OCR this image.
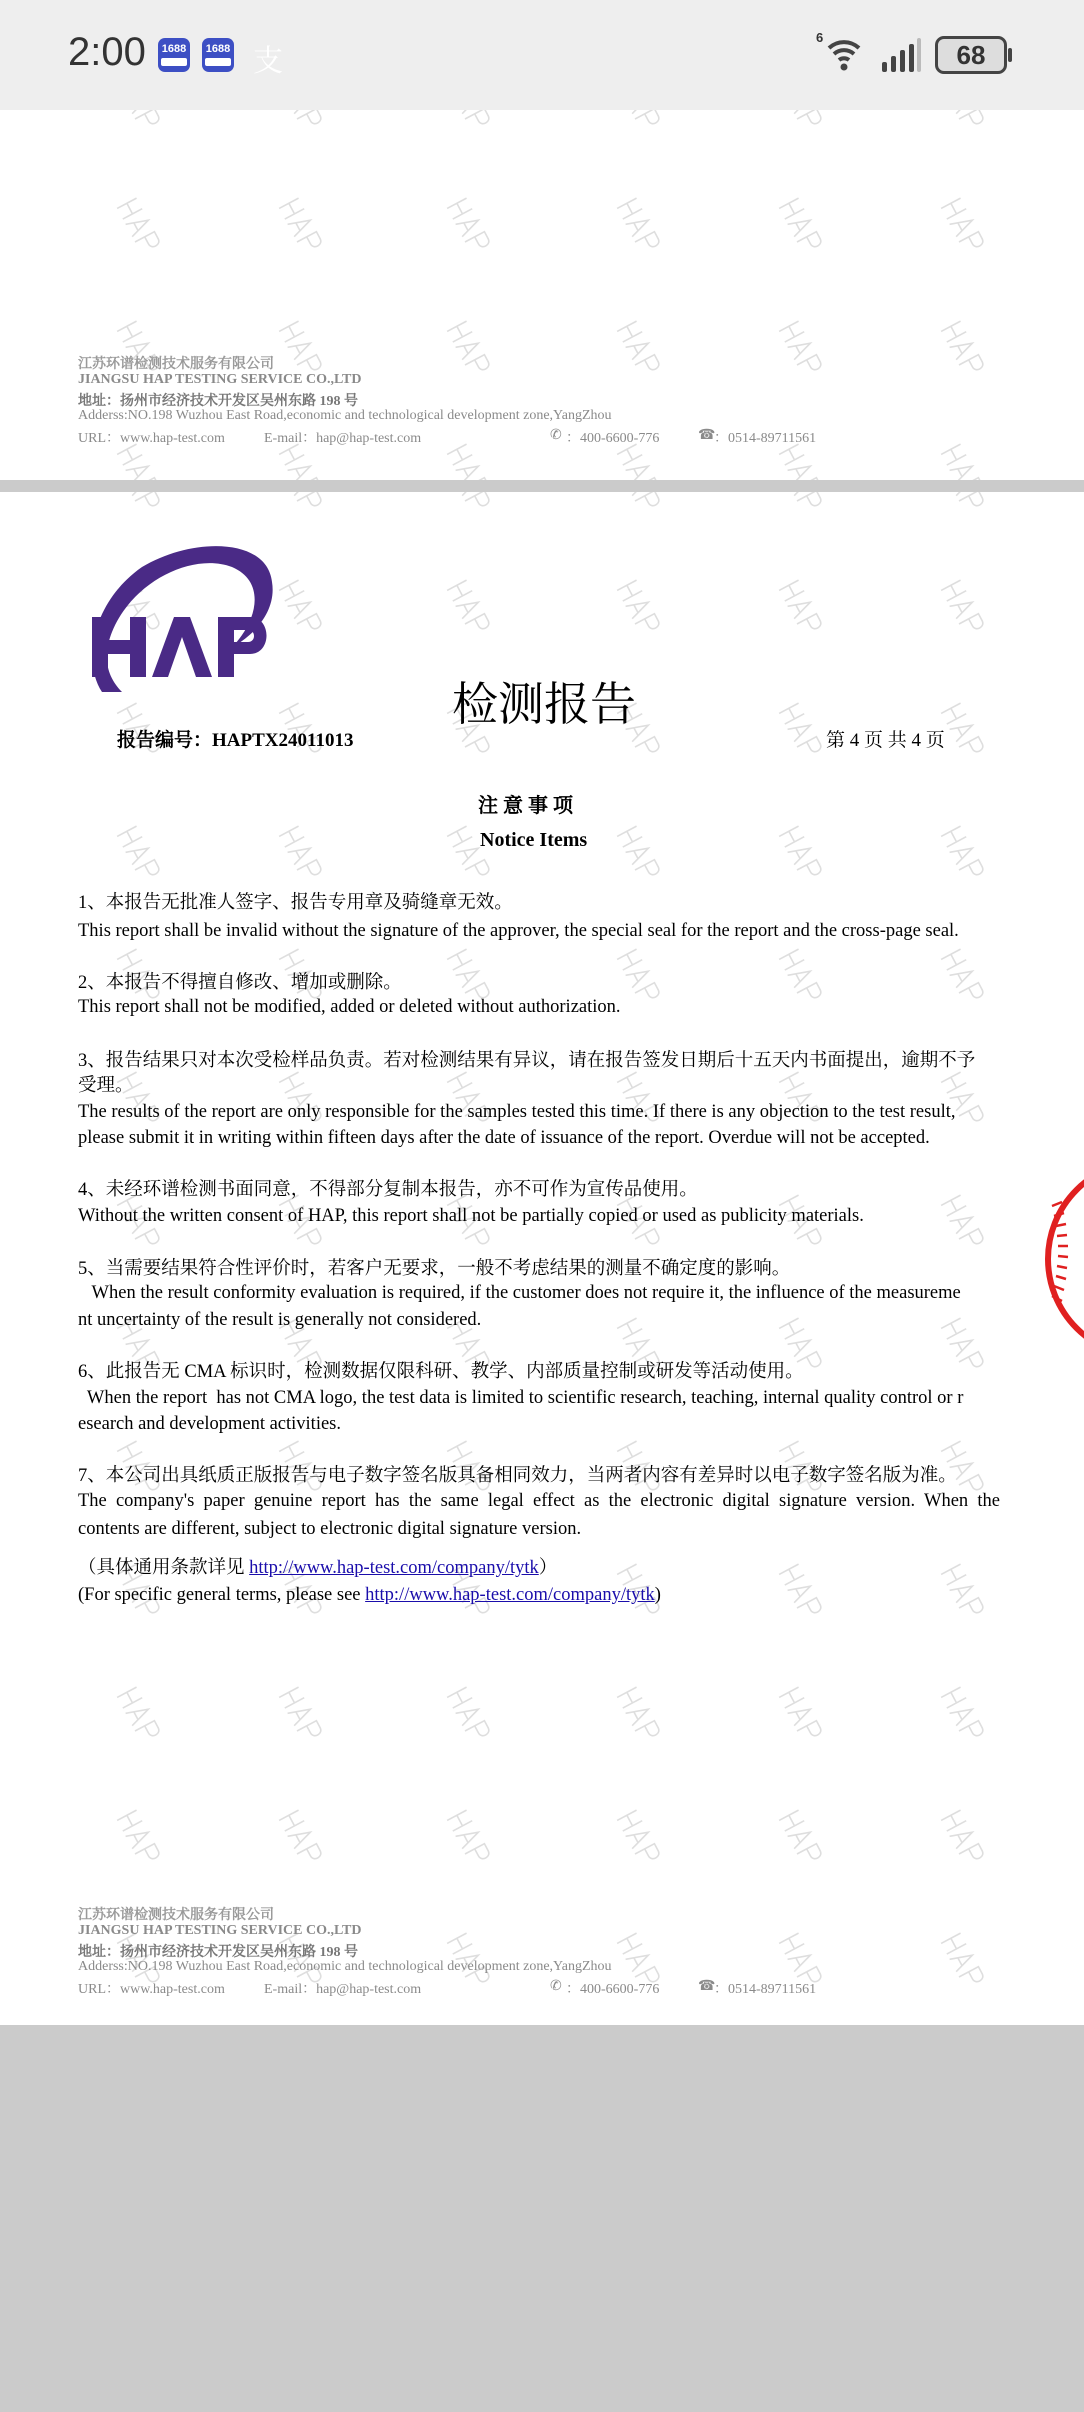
2:00	1688	1688 支
6
68
江苏环谱检测技术服务有限公司
JIANGSU HAP TESTING SERVICE CO.,LTD
地址：扬州市经济技术开发区吴州东路 198 号
Adderss:NO.198 Wuzhou East Road,economic and technological development zone,YangZhou
URL：www.hap-test.com	E-mail：hap@hap-test.com	✆ ：400-6600-776	☎
：0514-89711561
检测报告
报告编号：HAPTX24011013	第 4 页 共 4 页
注 意 事 项
Notice Items
1、本报告无批准人签字、报告专用章及骑缝章无效。
This report shall be invalid without the signature of the approver, the special seal for the report and the cross-page seal.
2、本报告不得擅自修改、增加或删除。
This report shall not be modified, added or deleted without authorization.
3、报告结果只对本次受检样品负责。若对检测结果有异议，请在报告签发日期后十五天内书面提出，逾期不予
受理。
The results of the report are only responsible for the samples tested this time. If there is any objection to the test result,
please submit it in writing within fifteen days after the date of issuance of the report. Overdue will not be accepted.
4、未经环谱检测书面同意，不得部分复制本报告，亦不可作为宣传品使用。
Without the written consent of HAP, this report shall not be partially copied or used as publicity materials.
5、当需要结果符合性评价时，若客户无要求，一般不考虑结果的测量不确定度的影响。
When the result conformity evaluation is required, if the customer does not require it, the influence of the measureme
nt uncertainty of the result is generally not considered.
6、此报告无 CMA 标识时，检测数据仅限科研、教学、内部质量控制或研发等活动使用。
When the report  has not CMA logo, the test data is limited to scientific research, teaching, internal quality control or r
esearch and development activities.
7、本公司出具纸质正版报告与电子数字签名版具备相同效力，当两者内容有差异时以电子数字签名版为准。
The company's paper genuine report has the same legal effect as the electronic digital signature version. When the
contents are different, subject to electronic digital signature version.
（具体通用条款详见 http://www.hap-test.com/company/tytk）
(For specific general terms, please see http://www.hap-test.com/company/tytk)
江苏环谱检测技术服务有限公司
JIANGSU HAP TESTING SERVICE CO.,LTD
地址：扬州市经济技术开发区吴州东路 198 号
Adderss:NO.198 Wuzhou East Road,economic and technological development zone,YangZhou
URL：www.hap-test.com	E-mail：hap@hap-test.com	✆ ：400-6600-776	☎
：0514-89711561
